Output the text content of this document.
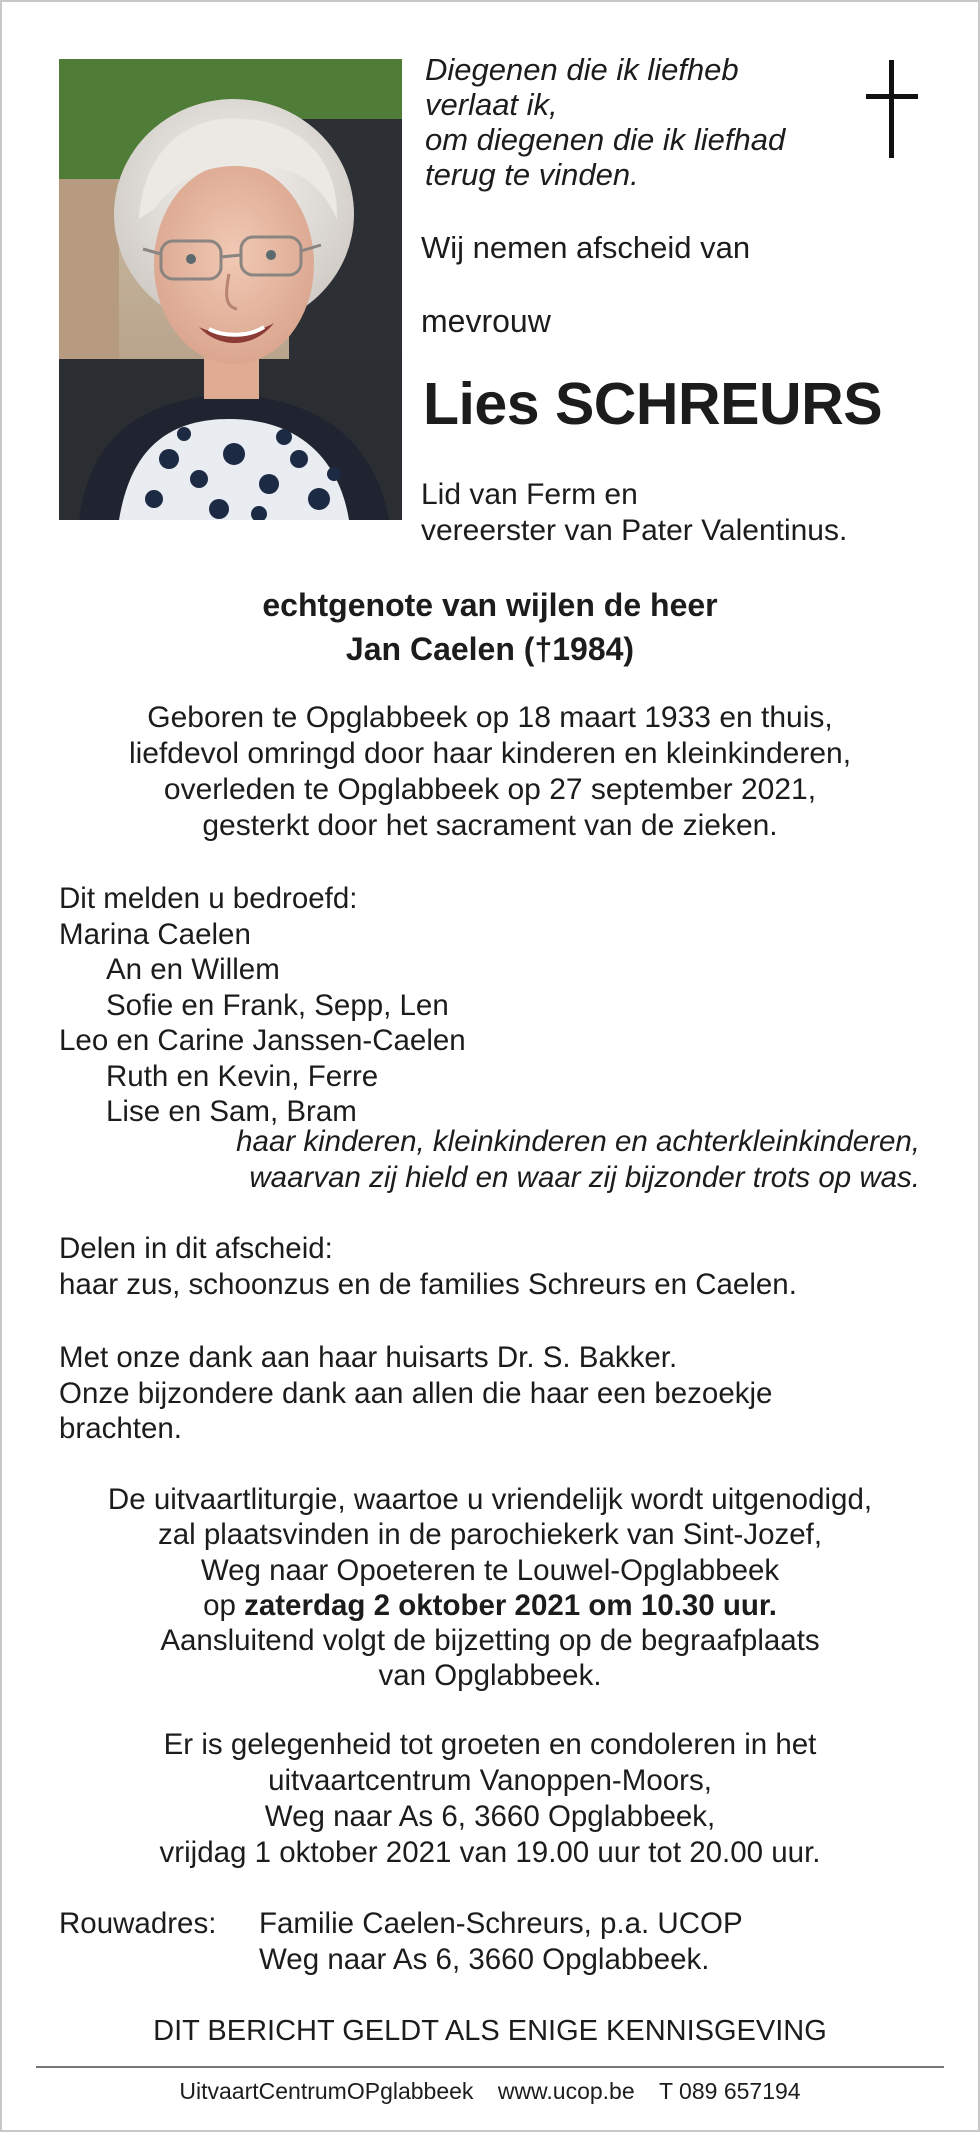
Diegenen die ik liefheb
verlaat ik,
om diegenen die ik liefhad
terug te vinden.
Wij nemen afscheid van
mevrouw
Lies SCHREURS
Lid van Ferm en
vereerster van Pater Valentinus.
echtgenote van wijlen de heer
Jan Caelen (†1984)
Geboren te Opglabbeek op 18 maart 1933 en thuis,
liefdevol omringd door haar kinderen en kleinkinderen,
overleden te Opglabbeek op 27 september 2021,
gesterkt door het sacrament van de zieken.
Dit melden u bedroefd:
Marina Caelen
An en Willem
Sofie en Frank, Sepp, Len
Leo en Carine Janssen-Caelen
Ruth en Kevin, Ferre
Lise en Sam, Bram
haar kinderen, kleinkinderen en achterkleinkinderen,
waarvan zij hield en waar zij bijzonder trots op was.
Delen in dit afscheid:
haar zus, schoonzus en de families Schreurs en Caelen.
Met onze dank aan haar huisarts Dr. S. Bakker.
Onze bijzondere dank aan allen die haar een bezoekje
brachten.
De uitvaartliturgie, waartoe u vriendelijk wordt uitgenodigd,
zal plaatsvinden in de parochiekerk van Sint-Jozef,
Weg naar Opoeteren te Louwel-Opglabbeek
op zaterdag 2 oktober 2021 om 10.30 uur.
Aansluitend volgt de bijzetting op de begraafplaats
van Opglabbeek.
Er is gelegenheid tot groeten en condoleren in het
uitvaartcentrum Vanoppen-Moors,
Weg naar As 6, 3660 Opglabbeek,
vrijdag 1 oktober 2021 van 19.00 uur tot 20.00 uur.
Rouwadres: Familie Caelen-Schreurs, p.a. UCOP
Weg naar As 6, 3660 Opglabbeek.
DIT BERICHT GELDT ALS ENIGE KENNISGEVING
UitvaartCentrumOPglabbeek www.ucop.be T 089 657194
